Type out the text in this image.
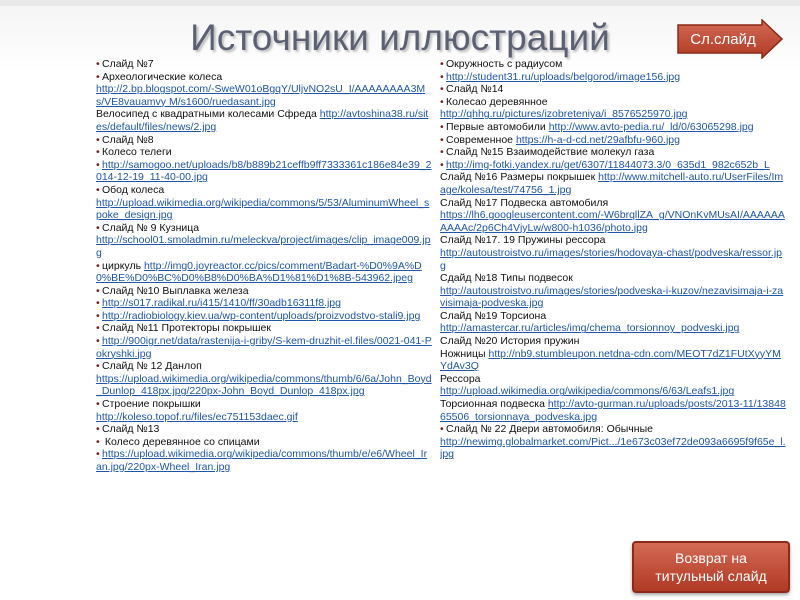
Источники иллюстраций	Сл.слайд
• Слайд №7
• Археологические колеса
http://2.bp.blogspot.com/-SweW01oBgqY/UljvNO2sU_I/AAAAAAAA3Ms/VE8vauamvy M/s1600/ruedasant.jpg
Велосипед с квадратными колесами Сфреда http://avtoshina38.ru/sites/default/files/news/2.jpg
• Слайд №8
• Колесо телеги
• http://samogoo.net/uploads/b8/b889b21ceffb9ff7333361c186e84e39_2014-12-19_11-40-00.jpg
• Обод колеса
http://upload.wikimedia.org/wikipedia/commons/5/53/AluminumWheel_spoke_design.jpg
• Слайд № 9 Кузница
http://school01.smoladmin.ru/meleckva/project/images/clip_image009.jpg
• циркуль http://img0.joyreactor.cc/pics/comment/Badart-%D0%9A%D0%BE%D0%BC%D0%B8%D0%BA%D1%81%D1%8B-543962.jpeg
• Слайд №10 Выплавка железа
• http://s017.radikal.ru/i415/1410/ff/30adb16311f8.jpg
• http://radiobiology.kiev.ua/wp-content/uploads/proizvodstvo-stali9.jpg
• Слайд №11 Протекторы покрышек
• http://900igr.net/data/rastenija-i-griby/S-kem-druzhit-el.files/0021-041-Pokryshki.jpg
• Слайд № 12 Данлоп
https://upload.wikimedia.org/wikipedia/commons/thumb/6/6a/John_Boyd_Dunlop_418px.jpg/220px-John_Boyd_Dunlop_418px.jpg
• Строение покрышки
http://koleso.topof.ru/files/ec751153daec.gif
• Слайд №13
• Колесо деревянное со спицами
• https://upload.wikimedia.org/wikipedia/commons/thumb/e/e6/Wheel_Iran.jpg/220px-Wheel_Iran.jpg
• Окружность с радиусом
• http://student31.ru/uploads/belgorod/image156.jpg
• Слайд №14
• Колесао деревянное
http://qhhg.ru/pictures/izobreteniya/i_8576525970.jpg
• Первые автомобили http://www.avto-pedia.ru/_ld/0/63065298.jpg
• Современное https://h-a-d-cd.net/29afbfu-960.jpg
• Слайд №15 Взаимодействие молекул газа
• http://img-fotki.yandex.ru/get/6307/11844073.3/0_635d1_982c652b_L
Слайд №16 Размеры покрышек http://www.mitchell-auto.ru/UserFiles/Image/kolesa/test/74756_1.jpg
Слайд №17 Подвеска автомобиля
https://lh6.googleusercontent.com/-W6brqllZA_g/VNOnKvMUsAI/AAAAAAAAAAc/2p6Ch4VjyLw/w800-h1036/photo.jpg
Слайд №17. 19 Пружины рессора
http://autoustroistvo.ru/images/stories/hodovaya-chast/podveska/ressor.jpg
Сдайд №18 Типы подвесок
http://autoustroistvo.ru/images/stories/podveska-i-kuzov/nezavisimaja-i-zavisimaja-podveska.jpg
Слайд №19 Торсиона
http://amastercar.ru/articles/img/chema_torsionnoy_podveski.jpg
Слайд №20 История пружин
Ножницы http://nb9.stumbleupon.netdna-cdn.com/MEOT7dZ1FUtXyyYMYdAv3Q
Рессора
http://upload.wikimedia.org/wikipedia/commons/6/63/Leafs1.jpg
Торсионная подвеска http://avto-gurman.ru/uploads/posts/2013-11/1384865506_torsionnaya_podveska.jpg
• Слайд № 22 Двери автомобиля: Обычные
http://newimg.globalmarket.com/Pict.../1e673c03ef72de093a6695f9f65e_l.jpg
Возврат на
титульный слайд
